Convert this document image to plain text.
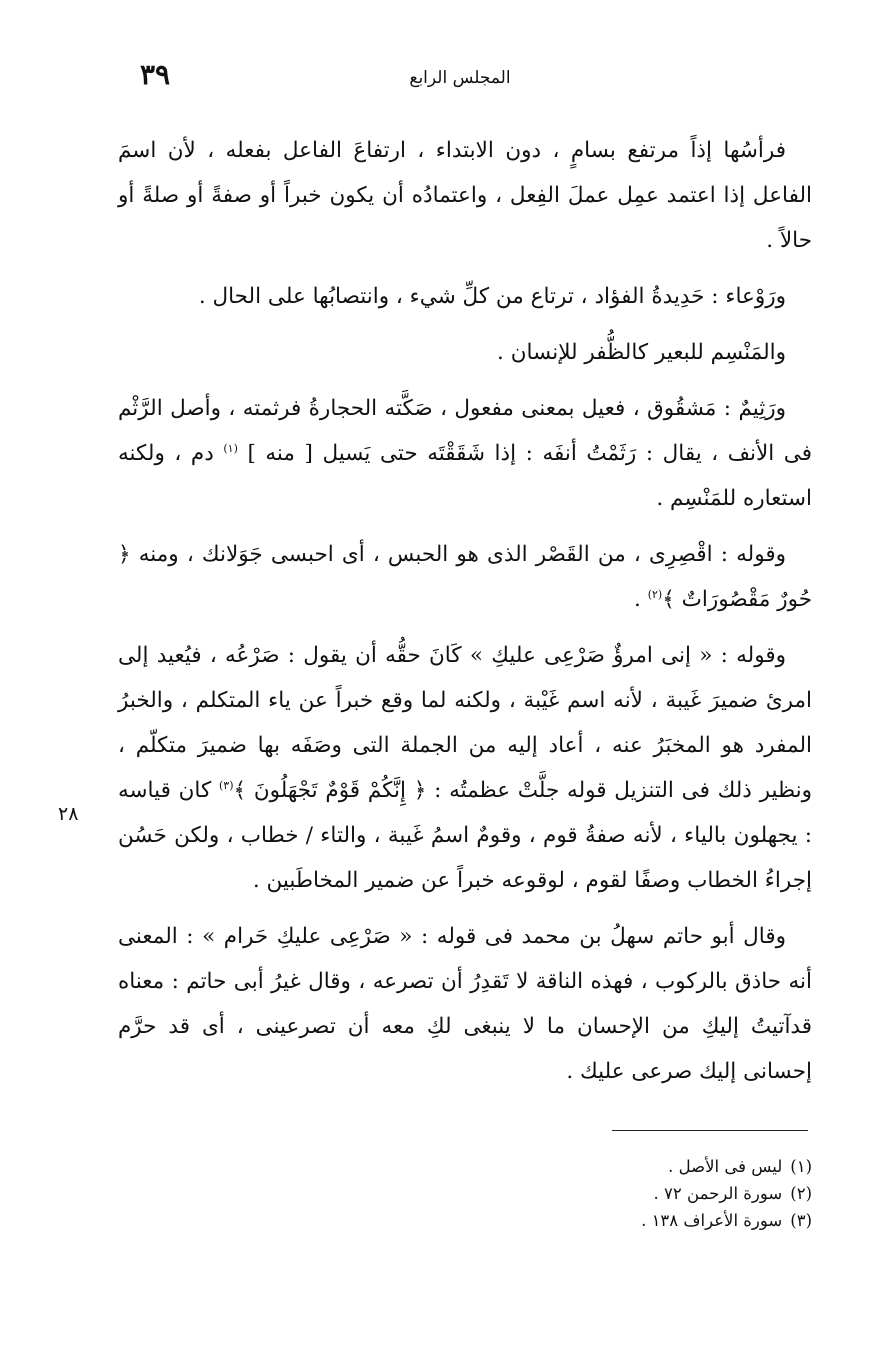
٣٩	المجلس الرابع

فرأسُها إذاً مرتفع بسامٍ ، دون الابتداء ، ارتفاعَ الفاعل بفعله ، لأن اسمَ الفاعل إذا اعتمد عمِل عملَ الفِعل ، واعتمادُه أن يكون خبراً أو صفةً أو صلةً أو حالاً .

ورَوْعاء : حَدِيدةُ الفؤاد ، ترتاع من كلِّ شيء ، وانتصابُها على الحال .

والمَنْسِم للبعير كالظُّفر للإنسان .

ورَثِيمٌ : مَشقُوق ، فعيل بمعنى مفعول ، صَكَّته الحجارةُ فرثمته ، وأصل الرَّثْم فى الأنف ، يقال : رَثَمْتُ أنفَه : إذا شَقَقْتَه حتى يَسيل [ منه ] $^{(١)}$ دم ، ولكنه استعاره للمَنْسِم .

وقوله : اقْصِرِى ، من القَصْر الذى هو الحبس ، أى احبسى جَوَلانك ، ومنه ﴿ حُورٌ مَقْصُورَاتٌ ﴾$^{(٢)}$ .

وقوله : « إنى امرؤٌ صَرْعِى عليكِ » كَانَ حقُّه أن يقول : صَرْعُه ، فيُعيد إلى امرئ ضميرَ غَيبة ، لأنه اسم غَيْبة ، ولكنه لما وقع خبراً عن ياء المتكلم ، والخبرُ المفرد هو المخبَرُ عنه ، أعاد إليه من الجملة التى وصَفَه بها ضميرَ متكلّم ، ونظير ذلك فى التنزيل قوله جلَّتْ عظمتُه : ﴿ إِنَّكُمْ قَوْمٌ تَجْهَلُونَ ﴾$^{(٣)}$ كان قياسه : يجهلون بالياء ، لأنه صفةُ قوم ، وقومٌ اسمُ غَيبة ، والتاء / خطاب ، ولكن حَسُن إجراءُ الخطاب وصفًا لقوم ، لوقوعه خبراً عن ضمير المخاطَبين .

وقال أبو حاتم سهلُ بن محمد فى قوله : « صَرْعِى عليكِ حَرام » : المعنى أنه حاذق بالركوب ، فهذه الناقة لا تَقدِرُ أن تصرعه ، وقال غيرُ أبى حاتم : معناه قدآتيتُ إليكِ من الإحسان ما لا ينبغى لكِ معه أن تصرعينى ، أى قد حرَّم إحسانى إليك صرعى عليك .

٢٨

(١)ليس فى الأصل .

(٢)سورة الرحمن ٧٢ .

(٣)سورة الأعراف ١٣٨ .
